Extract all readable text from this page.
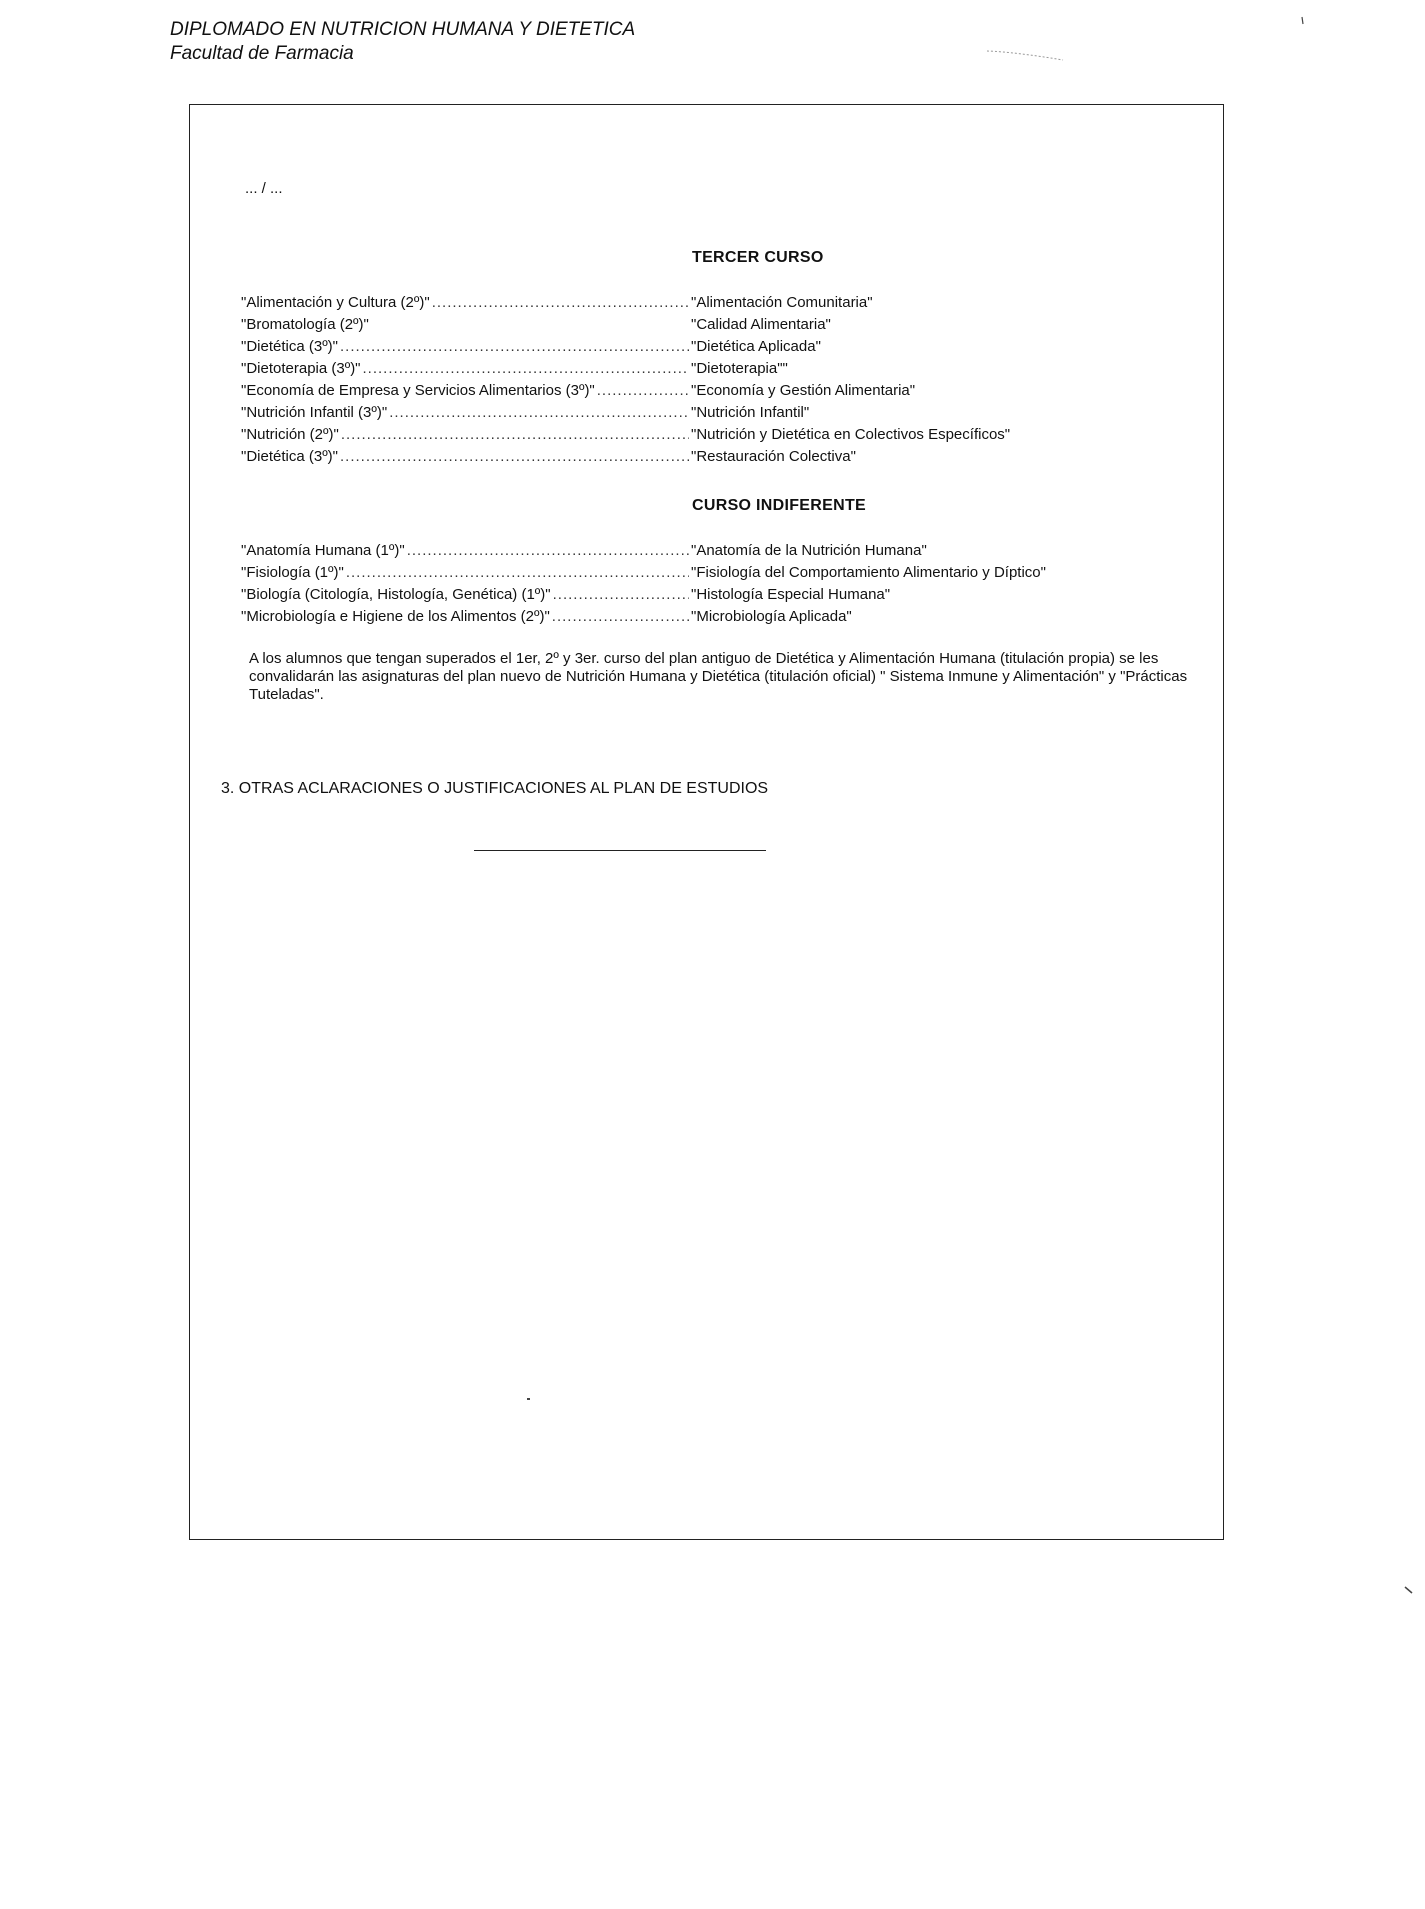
DIPLOMADO EN NUTRICION HUMANA Y DIETETICA
Facultad de Farmacia
... / ...
TERCER CURSO
"Alimentación y Cultura (2º)" .....	"Alimentación Comunitaria"
"Bromatología (2º)"	"Calidad Alimentaria"
"Dietética (3º)" .....	"Dietética Aplicada"
"Dietoterapia (3º)" .....	"Dietoterapia""
"Economía de Empresa y Servicios Alimentarios (3º)" .....	"Economía y Gestión Alimentaria"
"Nutrición Infantil (3º)" .....	"Nutrición Infantil"
"Nutrición (2º)" .....	"Nutrición y Dietética en Colectivos Específicos"
"Dietética (3º)" .....	"Restauración Colectiva"
CURSO INDIFERENTE
"Anatomía Humana (1º)" .....	"Anatomía de la Nutrición Humana"
"Fisiología (1º)" .....	"Fisiología del Comportamiento Alimentario y Díptico"
"Biología (Citología, Histología, Genética) (1º)" .....	"Histología Especial Humana"
"Microbiología e Higiene de los Alimentos (2º)" .....	"Microbiología Aplicada"
A los alumnos que tengan superados el 1er, 2º y 3er. curso del plan antiguo de Dietética y Alimentación Humana (titulación propia) se les convalidarán las asignaturas del plan nuevo de Nutrición Humana y Dietética (titulación oficial) " Sistema Inmune y Alimentación" y "Prácticas Tuteladas".
3. OTRAS ACLARACIONES O JUSTIFICACIONES AL PLAN DE ESTUDIOS
